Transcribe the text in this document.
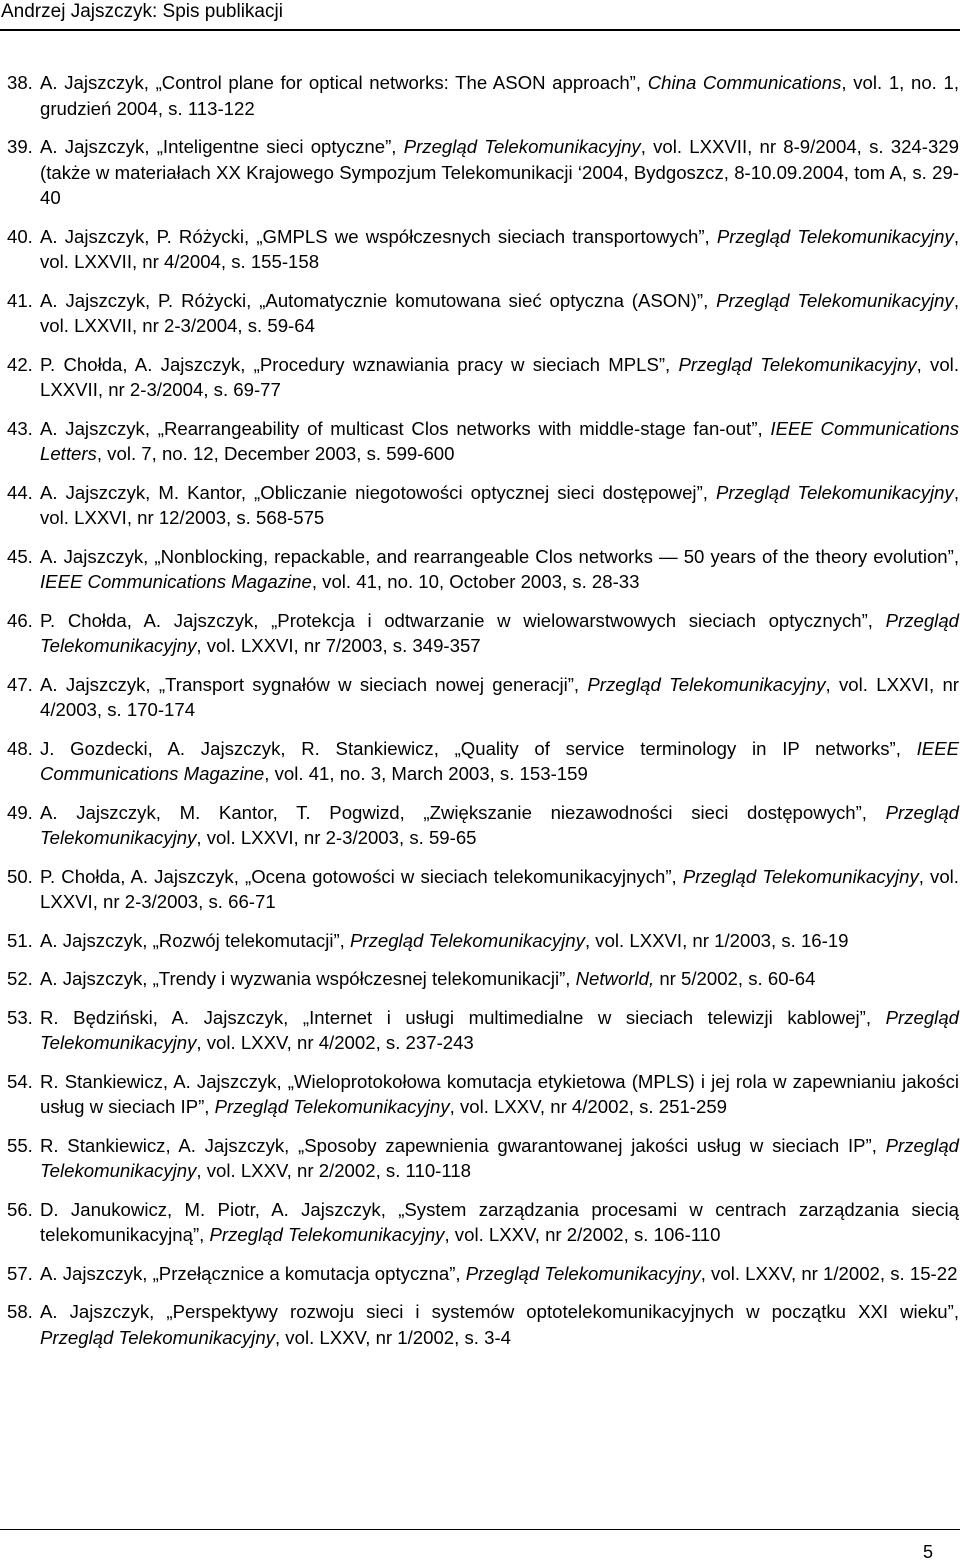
Andrzej Jajszczyk: Spis publikacji
38. A. Jajszczyk, „Control plane for optical networks: The ASON approach”, China Communications, vol. 1, no. 1, grudzień 2004, s. 113-122
39. A. Jajszczyk, „Inteligentne sieci optyczne”, Przegląd Telekomunikacyjny, vol. LXXVII, nr 8-9/2004, s. 324-329 (także w materiałach XX Krajowego Sympozjum Telekomunikacji ‘2004, Bydgoszcz, 8-10.09.2004, tom A, s. 29-40
40. A. Jajszczyk, P. Różycki, „GMPLS we współczesnych sieciach transportowych”, Przegląd Telekomunikacyjny, vol. LXXVII, nr 4/2004, s. 155-158
41. A. Jajszczyk, P. Różycki, „Automatycznie komutowana sieć optyczna (ASON)”, Przegląd Telekomunikacyjny, vol. LXXVII, nr 2-3/2004, s. 59-64
42. P. Chołda, A. Jajszczyk, „Procedury wznawiania pracy w sieciach MPLS”, Przegląd Telekomunikacyjny, vol. LXXVII, nr 2-3/2004, s. 69-77
43. A. Jajszczyk, „Rearrangeability of multicast Clos networks with middle-stage fan-out”, IEEE Communications Letters, vol. 7, no. 12, December 2003, s. 599-600
44. A. Jajszczyk, M. Kantor, „Obliczanie niegotowości optycznej sieci dostępowej”, Przegląd Telekomunikacyjny, vol. LXXVI, nr 12/2003, s. 568-575
45. A. Jajszczyk, „Nonblocking, repackable, and rearrangeable Clos networks ― 50 years of the theory evolution”, IEEE Communications Magazine, vol. 41, no. 10, October 2003, s. 28-33
46. P. Chołda, A. Jajszczyk, „Protekcja i odtwarzanie w wielowarstwowych sieciach optycznych”, Przegląd Telekomunikacyjny, vol. LXXVI, nr 7/2003, s. 349-357
47. A. Jajszczyk, „Transport sygnałów w sieciach nowej generacji”, Przegląd Telekomunikacyjny, vol. LXXVI, nr 4/2003, s. 170-174
48. J. Gozdecki, A. Jajszczyk, R. Stankiewicz, „Quality of service terminology in IP networks”, IEEE Communications Magazine, vol. 41, no. 3, March 2003, s. 153-159
49. A. Jajszczyk, M. Kantor, T. Pogwizd, „Zwiększanie niezawodności sieci dostępowych”, Przegląd Telekomunikacyjny, vol. LXXVI, nr 2-3/2003, s. 59-65
50. P. Chołda, A. Jajszczyk, „Ocena gotowości w sieciach telekomunikacyjnych”, Przegląd Telekomunikacyjny, vol. LXXVI, nr 2-3/2003, s. 66-71
51. A. Jajszczyk, „Rozwój telekomutacji”, Przegląd Telekomunikacyjny, vol. LXXVI, nr 1/2003, s. 16-19
52. A. Jajszczyk, „Trendy i wyzwania współczesnej telekomunikacji”, Networld, nr 5/2002, s. 60-64
53. R. Będziński, A. Jajszczyk, „Internet i usługi multimedialne w sieciach telewizji kablowej”, Przegląd Telekomunikacyjny, vol. LXXV, nr 4/2002, s. 237-243
54. R. Stankiewicz, A. Jajszczyk, „Wieloprotokołowa komutacja etykietowa (MPLS) i jej rola w zapewnianiu jakości usług w sieciach IP”, Przegląd Telekomunikacyjny, vol. LXXV, nr 4/2002, s. 251-259
55. R. Stankiewicz, A. Jajszczyk, „Sposoby zapewnienia gwarantowanej jakości usług w sieciach IP”, Przegląd Telekomunikacyjny, vol. LXXV, nr 2/2002, s. 110-118
56. D. Janukowicz, M. Piotr, A. Jajszczyk, „System zarządzania procesami w centrach zarządzania siecią telekomunikacyjną”, Przegląd Telekomunikacyjny, vol. LXXV, nr 2/2002, s. 106-110
57. A. Jajszczyk, „Przełącznice a komutacja optyczna”, Przegląd Telekomunikacyjny, vol. LXXV, nr 1/2002, s. 15-22
58. A. Jajszczyk, „Perspektywy rozwoju sieci i systemów optotelekomunikacyjnych w początku XXI wieku”, Przegląd Telekomunikacyjny, vol. LXXV, nr 1/2002, s. 3-4
5
